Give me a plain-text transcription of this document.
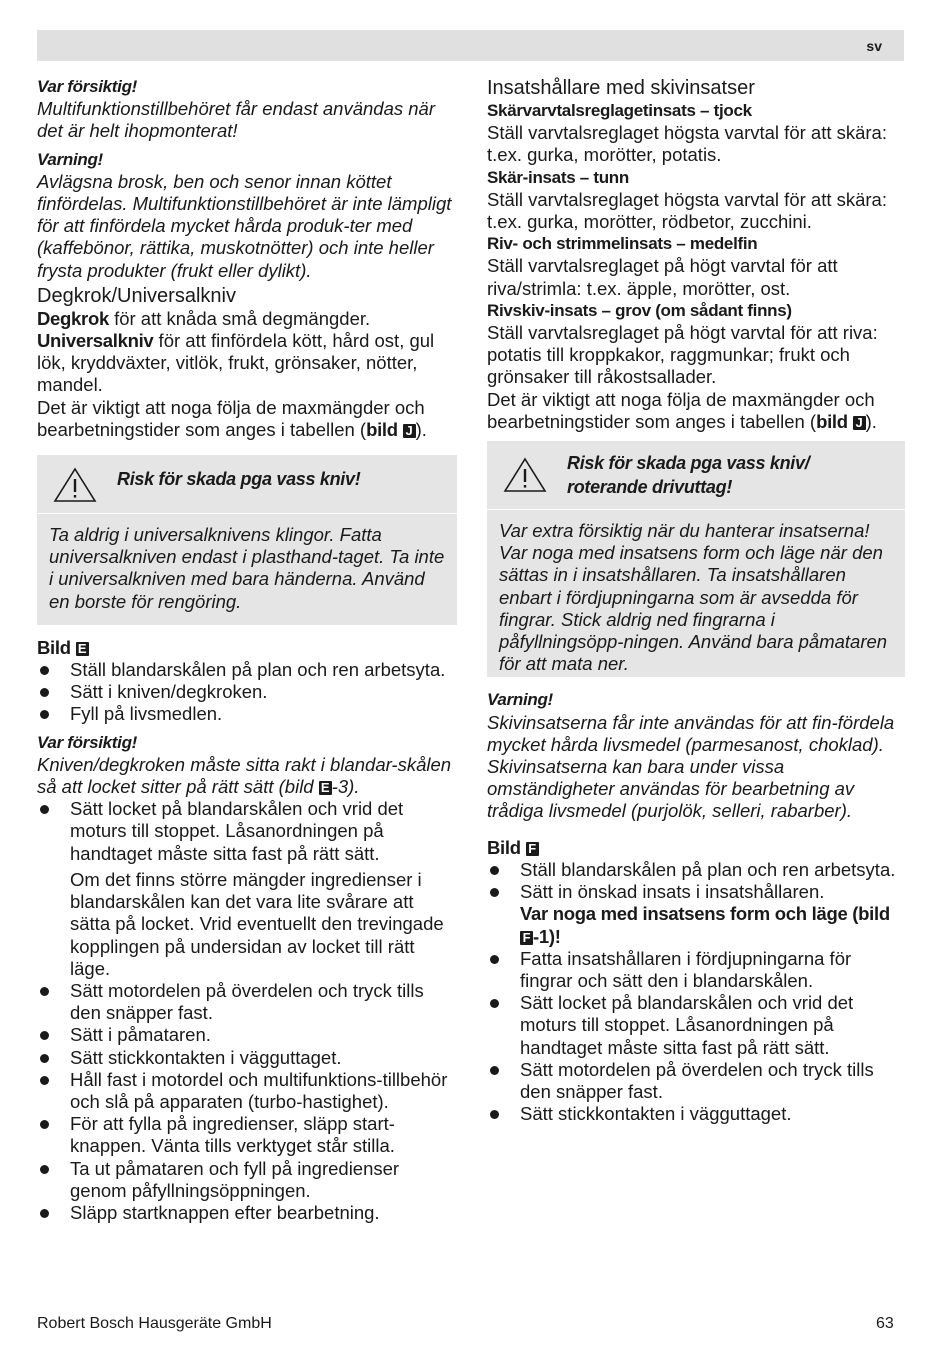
sv

Var försiktig!

Multifunktionstillbehöret får endast användas när det är helt ihopmonterat!

Varning!

Avlägsna brosk, ben och senor innan köttet finfördelas. Multifunktionstillbehöret är inte lämpligt för att finfördela mycket hårda produk-ter med (kaffebönor, rättika, muskotnötter) och inte heller frysta produkter (frukt eller dylikt).

Degkrok/Universalkniv

Degkrok för att knåda små degmängder.

Universalkniv för att finfördela kött, hård ost, gul lök, kryddväxter, vitlök, frukt, grönsaker, nötter, mandel.

Det är viktigt att noga följa de maxmängder och bearbetningstider som anges i tabellen (bild J ).

Risk för skada pga vass kniv!
Ta aldrig i universalknivens klingor. Fatta universalkniven endast i plasthand-taget. Ta inte i universalkniven med bara händerna. Använd en borste för rengöring.

Bild E

Ställ blandarskålen på plan och ren arbetsyta.
Sätt i kniven/degkroken.
Fyll på livsmedlen.

Var försiktig!

Kniven/degkroken måste sitta rakt i blandar-skålen så att locket sitter på rätt sätt (bild E -3).

Sätt locket på blandarskålen och vrid det moturs till stoppet. Låsanordningen på handtaget måste sitta fast på rätt sätt.

Om det finns större mängder ingredienser i blandarskålen kan det vara lite svårare att sätta på locket. Vrid eventuellt den trevingade kopplingen på undersidan av locket till rätt läge.

Sätt motordelen på överdelen och tryck tills den snäpper fast.
Sätt i påmataren.
Sätt stickkontakten i vägguttaget.
Håll fast i motordel och multifunktions-tillbehör och slå på apparaten (turbo-hastighet).
För att fylla på ingredienser, släpp start-knappen. Vänta tills verktyget står stilla.
Ta ut påmataren och fyll på ingredienser genom påfyllningsöppningen.
Släpp startknappen efter bearbetning.

Insatshållare med skivinsatser

Skärvarvtalsreglagetinsats – tjock

Ställ varvtalsreglaget högsta varvtal för att skära: t.ex. gurka, morötter, potatis.

Skär-insats – tunn

Ställ varvtalsreglaget högsta varvtal för att skära: t.ex. gurka, morötter, rödbetor, zucchini.

Riv- och strimmelinsats – medelfin

Ställ varvtalsreglaget på högt varvtal för att riva/strimla: t.ex. äpple, morötter, ost.

Rivskiv-insats – grov (om sådant finns)

Ställ varvtalsreglaget på högt varvtal för att riva: potatis till kroppkakor, raggmunkar; frukt och grönsaker till råkostsallader.

Det är viktigt att noga följa de maxmängder och bearbetningstider som anges i tabellen (bild J ).

Risk för skada pga vass kniv/ roterande drivuttag!
Var extra försiktig när du hanterar insatserna! Var noga med insatsens form och läge när den sättas in i insatshållaren. Ta insatshållaren enbart i fördjupningarna som är avsedda för fingrar. Stick aldrig ned fingrarna i påfyllningsöpp-ningen. Använd bara påmataren för att mata ner.

Varning!

Skivinsatserna får inte användas för att fin-fördela mycket hårda livsmedel (parmesanost, choklad).

Skivinsatserna kan bara under vissa omständigheter användas för bearbetning av trådiga livsmedel (purjolök, selleri, rabarber).

Bild F

Ställ blandarskålen på plan och ren arbetsyta.
Sätt in önskad insats i insatshållaren.
Var noga med insatsens form och läge (bild F -1)!
Fatta insatshållaren i fördjupningarna för fingrar och sätt den i blandarskålen.
Sätt locket på blandarskålen och vrid det moturs till stoppet. Låsanordningen på handtaget måste sitta fast på rätt sätt.
Sätt motordelen på överdelen och tryck tills den snäpper fast.
Sätt stickkontakten i vägguttaget.
Robert Bosch Hausgeräte GmbH	63
